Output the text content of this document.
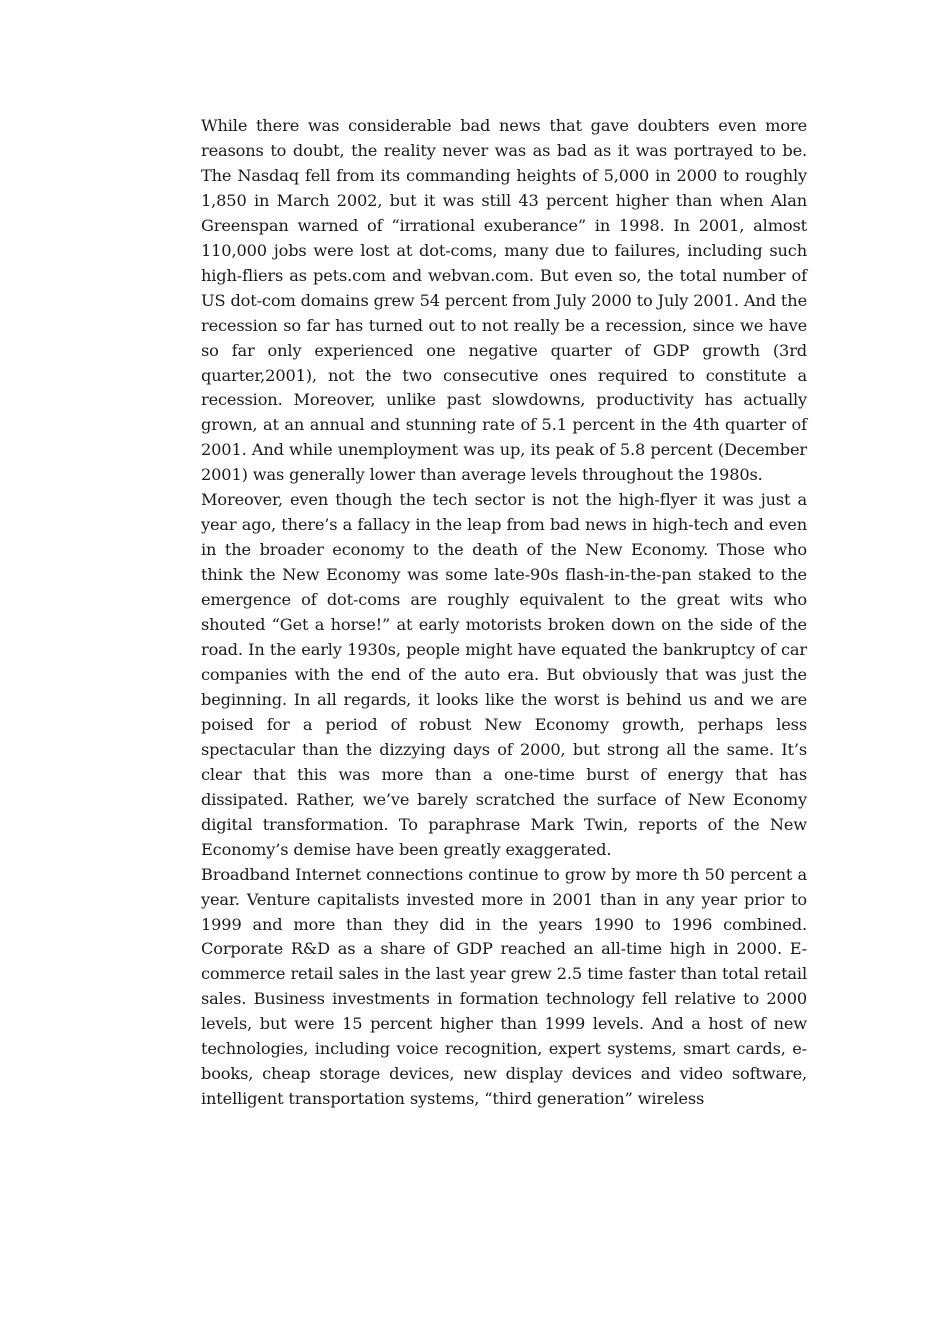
While there was considerable bad news that gave doubters even more reasons to doubt, the reality never was as bad as it was portrayed to be. The Nasdaq fell from its commanding heights of 5,000 in 2000 to roughly 1,850 in March 2002, but it was still 43 percent higher than when Alan Greenspan warned of “irrational exuberance” in 1998. In 2001, almost 110,000 jobs were lost at dot-coms, many due to failures, including such high-fliers as pets.com and webvan.com. But even so, the total number of US dot-com domains grew 54 percent from July 2000 to July 2001. And the recession so far has turned out to not really be a recession, since we have so far only experienced one negative quarter of GDP growth (3rd quarter,2001), not the two consecutive ones required to constitute a recession. Moreover, unlike past slowdowns, productivity has actually grown, at an annual and stunning rate of 5.1 percent in the 4th quarter of 2001. And while unemployment was up, its peak of 5.8 percent (December 2001) was generally lower than average levels throughout the 1980s.

Moreover, even though the tech sector is not the high-flyer it was just a year ago, there’s a fallacy in the leap from bad news in high-tech and even in the broader economy to the death of the New Economy. Those who think the New Economy was some late-90s flash-in-the-pan staked to the emergence of dot-coms are roughly equivalent to the great wits who shouted “Get a horse!” at early motorists broken down on the side of the road. In the early 1930s, people might have equated the bankruptcy of car companies with the end of the auto era. But obviously that was just the beginning. In all regards, it looks like the worst is behind us and we are poised for a period of robust New Economy growth, perhaps less spectacular than the dizzying days of 2000, but strong all the same. It’s clear that this was more than a one-time burst of energy that has dissipated. Rather, we’ve barely scratched the surface of New Economy digital transformation. To paraphrase Mark Twin, reports of the New Economy’s demise have been greatly exaggerated.

Broadband Internet connections continue to grow by more th 50 percent a year. Venture capitalists invested more in 2001 than in any year prior to 1999 and more than they did in the years 1990 to 1996 combined. Corporate R&D as a share of GDP reached an all-time high in 2000. E-commerce retail sales in the last year grew 2.5 time faster than total retail sales. Business investments in formation technology fell relative to 2000 levels, but were 15 percent higher than 1999 levels. And a host of new technologies, including voice recognition, expert systems, smart cards, e-books, cheap storage devices, new display devices and video software, intelligent transportation systems, “third generation” wireless
